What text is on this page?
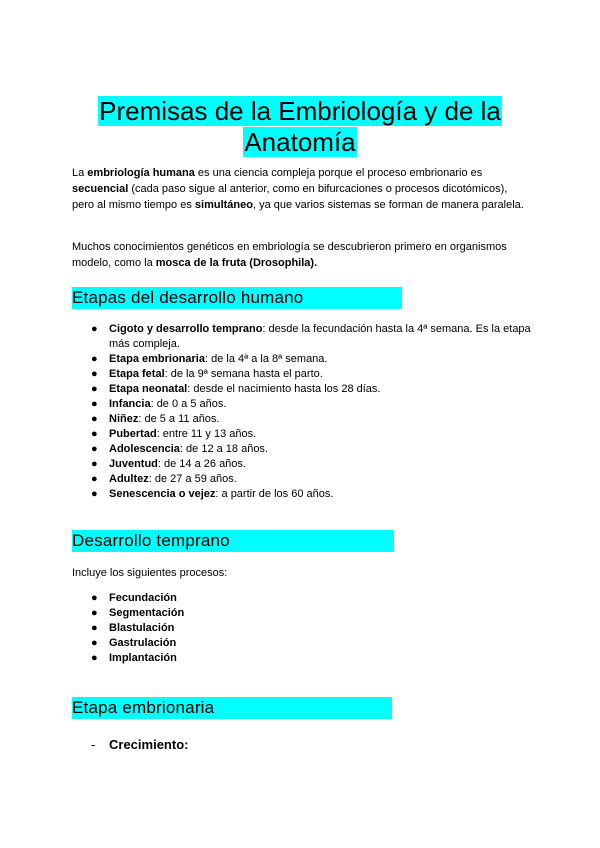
Premisas de la Embriología y de la
Anatomía
La embriología humana es una ciencia compleja porque el proceso embrionario es secuencial (cada paso sigue al anterior, como en bifurcaciones o procesos dicotómicos), pero al mismo tiempo es simultáneo, ya que varios sistemas se forman de manera paralela.
Muchos conocimientos genéticos en embriología se descubrieron primero en organismos modelo, como la mosca de la fruta (Drosophila).
Etapas del desarrollo humano
● Cigoto y desarrollo temprano: desde la fecundación hasta la 4ª semana. Es la etapa más compleja.
● Etapa embrionaria: de la 4ª a la 8ª semana.
● Etapa fetal: de la 9ª semana hasta el parto.
● Etapa neonatal: desde el nacimiento hasta los 28 días.
● Infancia: de 0 a 5 años.
● Niñez: de 5 a 11 años.
● Pubertad: entre 11 y 13 años.
● Adolescencia: de 12 a 18 años.
● Juventud: de 14 a 26 años.
● Adultez: de 27 a 59 años.
● Senescencia o vejez: a partir de los 60 años.
Desarrollo temprano
Incluye los siguientes procesos:
● Fecundación
● Segmentación
● Blastulación
● Gastrulación
● Implantación
Etapa embrionaria
- Crecimiento:
